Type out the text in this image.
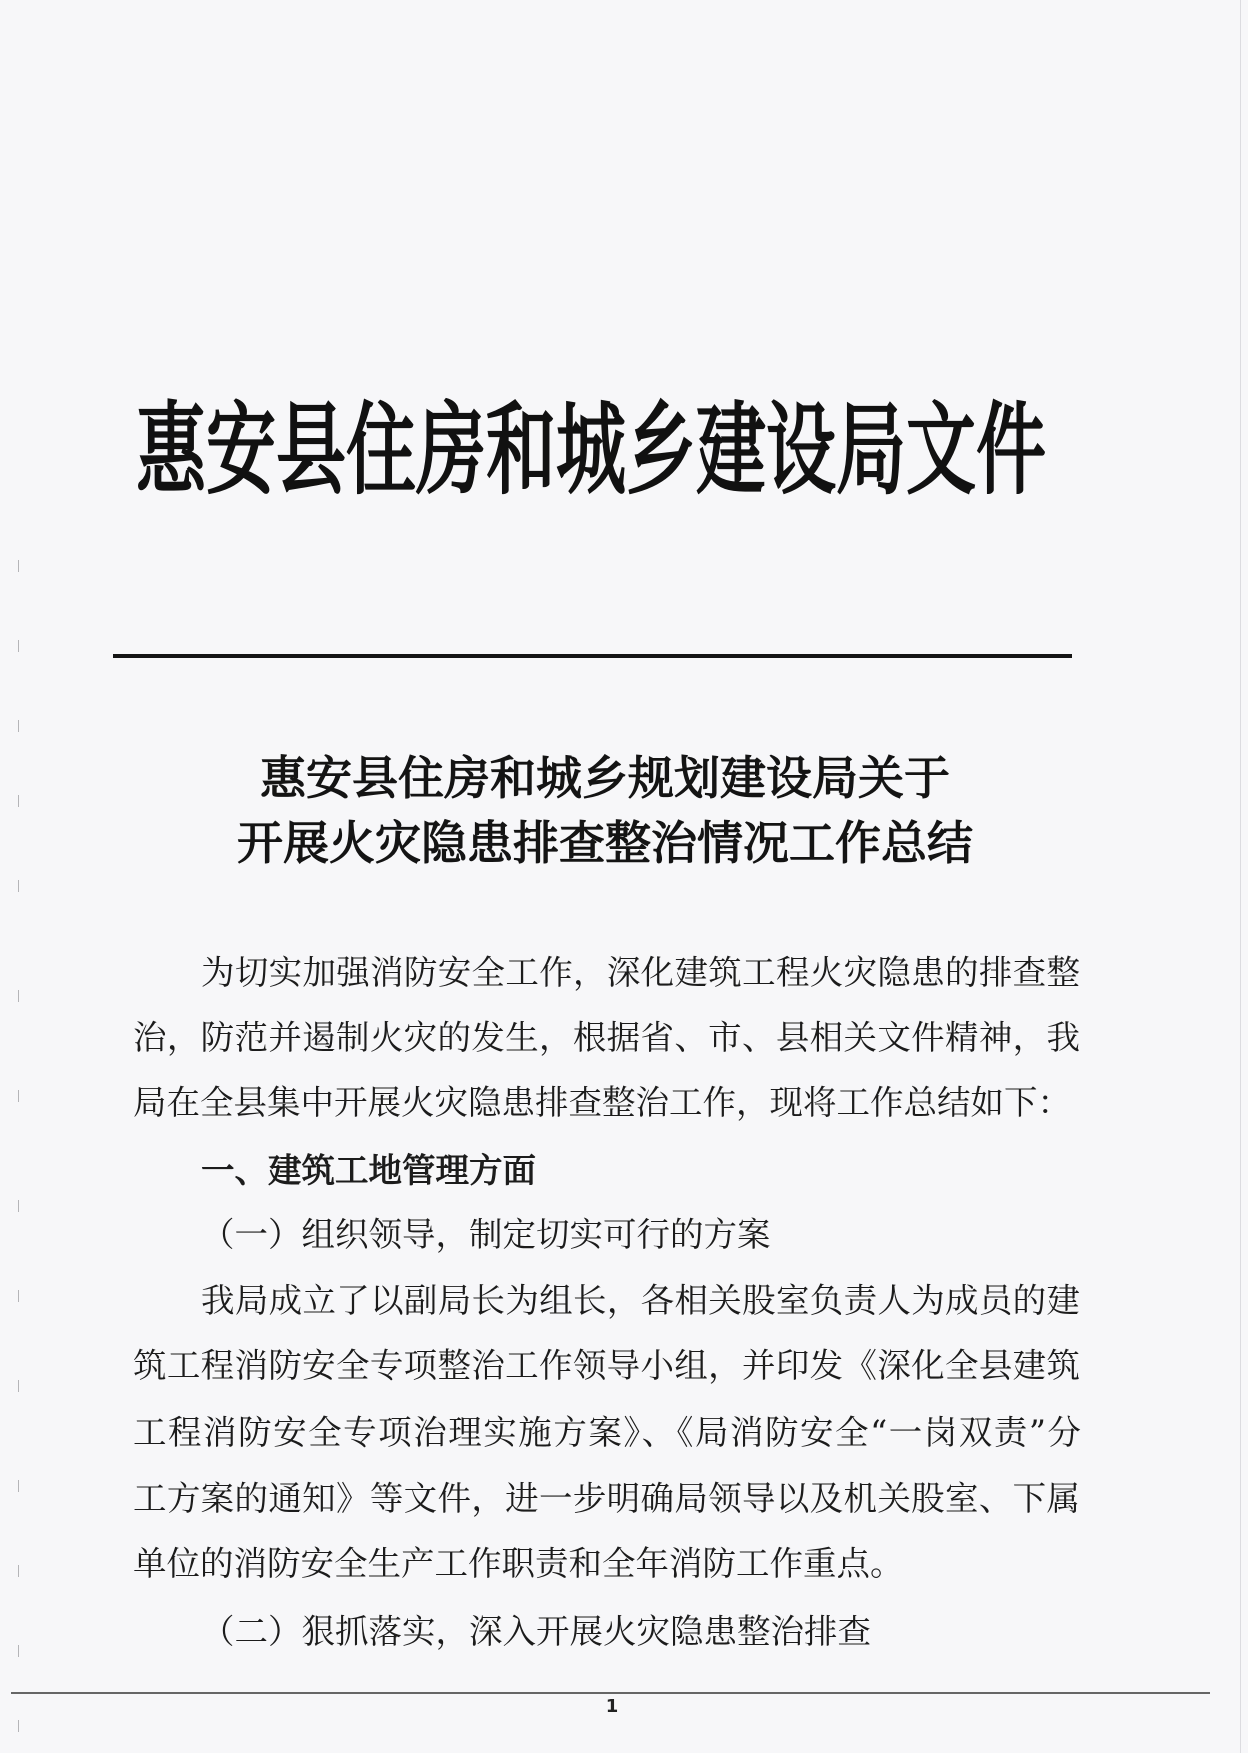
惠安县住房和城乡建设局文件
惠安县住房和城乡规划建设局关于
开展火灾隐患排查整治情况工作总结
为切实加强消防安全工作，深化建筑工程火灾隐患的排查整
治，防范并遏制火灾的发生，根据省、市、县相关文件精神，我
局在全县集中开展火灾隐患排查整治工作，现将工作总结如下：
一、建筑工地管理方面
（一）组织领导，制定切实可行的方案
我局成立了以副局长为组长，各相关股室负责人为成员的建
筑工程消防安全专项整治工作领导小组，并印发《深化全县建筑
工程消防安全专项治理实施方案》、《局消防安全“一岗双责”分
工方案的通知》等文件，进一步明确局领导以及机关股室、下属
单位的消防安全生产工作职责和全年消防工作重点。
（二）狠抓落实，深入开展火灾隐患整治排查
1
